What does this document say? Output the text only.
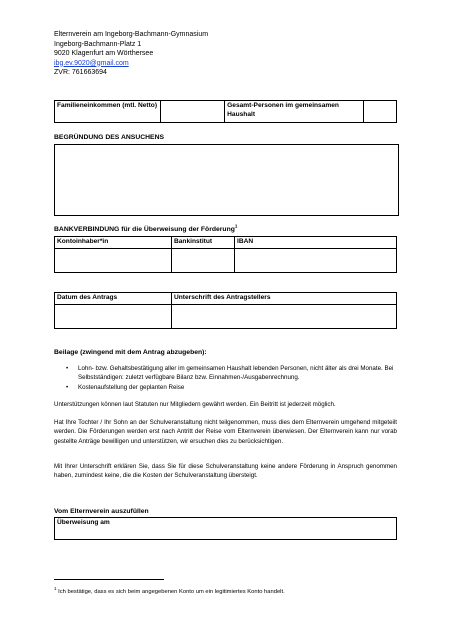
Elternverein am Ingeborg-Bachmann-Gymnasium
Ingeborg-Bachmann-Platz 1
9020 Klagenfurt am Wörthersee
ibg.ev.9020@gmail.com
ZVR: 761663694
Familieneinkommen (mtl. Netto)		Gesamt-Personen im gemeinsamen Haushalt	
BEGRÜNDUNG DES ANSUCHENS
BANKVERBINDUNG für die Überweisung der Förderung$^1$
Kontoinhaber*in	Bankinstitut	IBAN

Datum des Antrags	Unterschrift des Antragstellers

Beilage (zwingend mit dem Antrag abzugeben):
• Lohn- bzw. Gehaltsbestätigung aller im gemeinsamen Haushalt lebenden Personen, nicht älter als drei Monate. Bei Selbstständigen: zuletzt verfügbare Bilanz bzw. Einnahmen-/Ausgabenrechnung.
• Kostenaufstellung der geplanten Reise
Unterstützungen können laut Statuten nur Mitgliedern gewährt werden. Ein Beitritt ist jederzeit möglich.
Hat Ihre Tochter / Ihr Sohn an der Schulveranstaltung nicht teilgenommen, muss dies dem Elternverein umgehend mitgeteilt werden. Die Förderungen werden erst nach Antritt der Reise vom Elternverein überwiesen. Der Elternverein kann nur vorab gestellte Anträge bewilligen und unterstützen, wir ersuchen dies zu berücksichtigen.
Mit Ihrer Unterschrift erklären Sie, dass Sie für diese Schulveranstaltung keine andere Förderung in Anspruch genommen haben, zumindest keine, die die Kosten der Schulveranstaltung übersteigt.
Vom Elternverein auszufüllen
Überweisung am
$^1$ Ich bestätige, dass es sich beim angegebenen Konto um ein legitimiertes Konto handelt.
